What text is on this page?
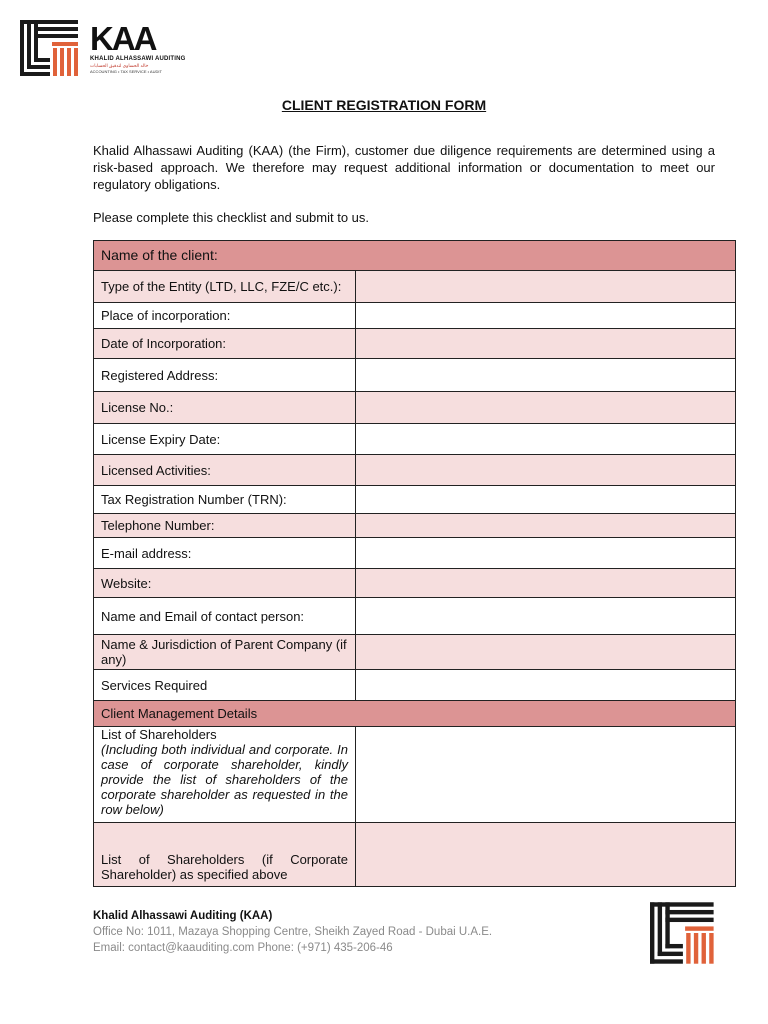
KAA
KHALID ALHASSAWI AUDITING
خالد الحساوي لتدقيق الحسابات
ACCOUNTING • TAX SERVICE • AUDIT
CLIENT REGISTRATION FORM
Khalid Alhassawi Auditing (KAA) (the Firm), customer due diligence requirements are determined using a risk-based approach. We therefore may request additional information or documentation to meet our regulatory obligations.
Please complete this checklist and submit to us.
Name of the client:	
Type of the Entity (LTD, LLC, FZE/C etc.):	
Place of incorporation:	
Date of Incorporation:	
Registered Address:	
License No.:	
License Expiry Date:	
Licensed Activities:	
Tax Registration Number (TRN):	
Telephone Number:	
E-mail address:	
Website:	
Name and Email of contact person:	
Name & Jurisdiction of Parent Company (if any)	
Services Required	
Client Management Details	

List of Shareholders
(Including both individual and corporate. In case of corporate shareholder, kindly provide the list of shareholders of the corporate shareholder as requested in the row below)	

List of Shareholders (if Corporate Shareholder) as specified above	
Khalid Alhassawi Auditing (KAA)
Office No: 1011, Mazaya Shopping Centre, Sheikh Zayed Road - Dubai U.A.E.
Email: contact@kaauditing.com Phone: (+971) 435-206-46
